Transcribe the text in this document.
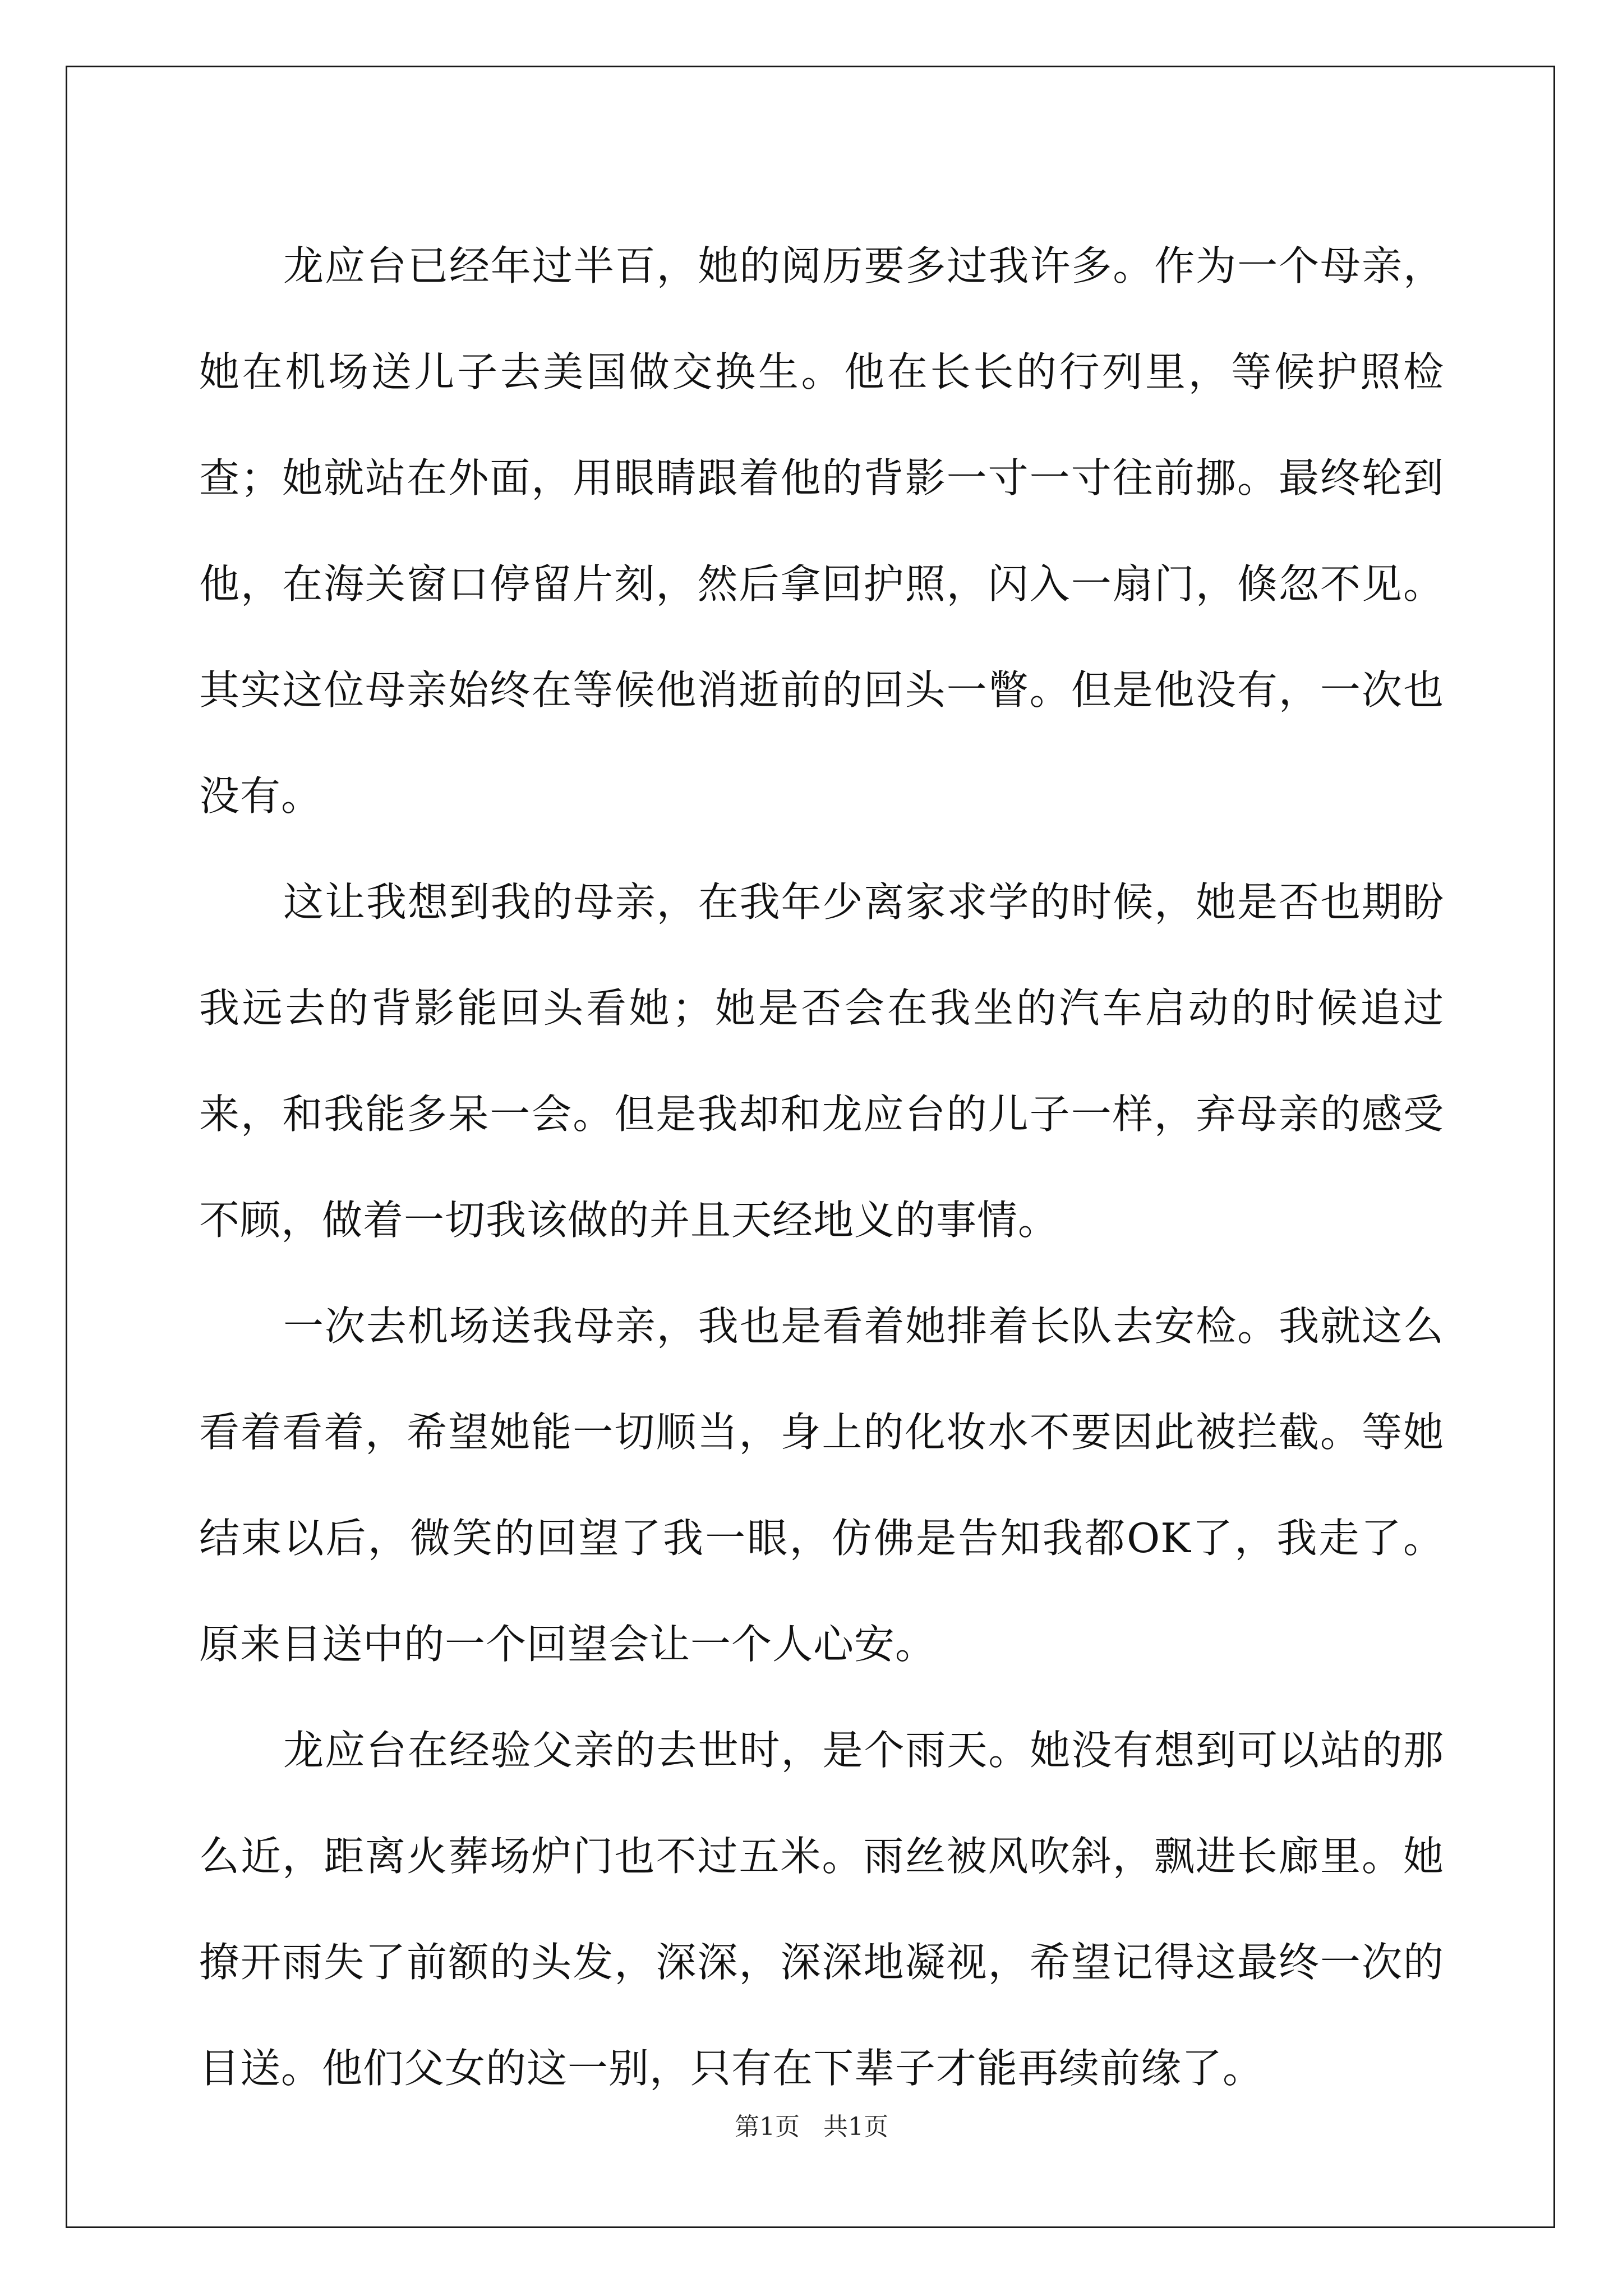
龙应台已经年过半百，她的阅历要多过我许多。作为一个母亲，她在机场送儿子去美国做交换生。他在长长的行列里，等候护照检查；她就站在外面，用眼睛跟着他的背影一寸一寸往前挪。最终轮到他，在海关窗口停留片刻，然后拿回护照，闪入一扇门，倏忽不见。其实这位母亲始终在等候他消逝前的回头一瞥。但是他没有，一次也没有。

这让我想到我的母亲，在我年少离家求学的时候，她是否也期盼我远去的背影能回头看她；她是否会在我坐的汽车启动的时候追过来，和我能多呆一会。但是我却和龙应台的儿子一样，弃母亲的感受不顾，做着一切我该做的并且天经地义的事情。

一次去机场送我母亲，我也是看着她排着长队去安检。我就这么看着看着，希望她能一切顺当，身上的化妆水不要因此被拦截。等她结束以后，微笑的回望了我一眼，仿佛是告知我都OK了，我走了。原来目送中的一个回望会让一个人心安。

龙应台在经验父亲的去世时，是个雨天。她没有想到可以站的那么近，距离火葬场炉门也不过五米。雨丝被风吹斜，飘进长廊里。她撩开雨失了前额的头发，深深，深深地凝视，希望记得这最终一次的目送。他们父女的这一别，只有在下辈子才能再续前缘了。

第1页   共1页
